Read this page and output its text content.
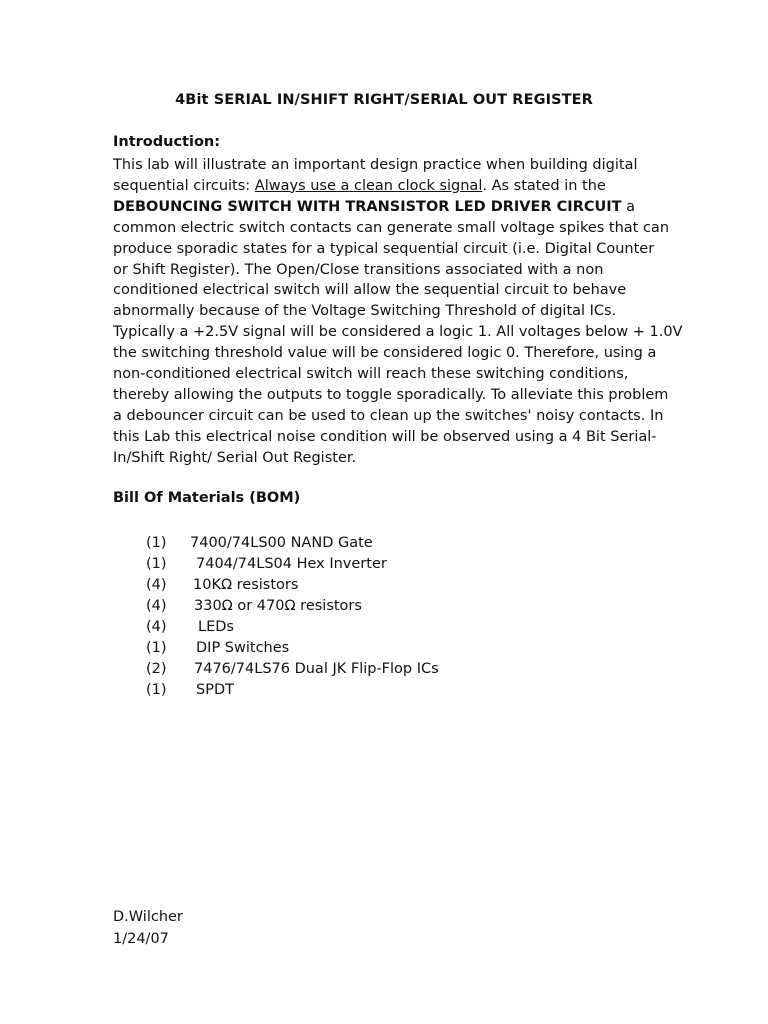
4Bit SERIAL IN/SHIFT RIGHT/SERIAL OUT REGISTER
Introduction:
This lab will illustrate an important design practice when building digital
sequential circuits: Always use a clean clock signal. As stated in the
DEBOUNCING SWITCH WITH TRANSISTOR LED DRIVER CIRCUIT a
common electric switch contacts can generate small voltage spikes that can
produce sporadic states for a typical sequential circuit (i.e. Digital Counter
or Shift Register). The Open/Close transitions associated with a non
conditioned electrical switch will allow the sequential circuit to behave
abnormally because of the Voltage Switching Threshold of digital ICs.
Typically a +2.5V signal will be considered a logic 1. All voltages below + 1.0V
the switching threshold value will be considered logic 0. Therefore, using a
non-conditioned electrical switch will reach these switching conditions,
thereby allowing the outputs to toggle sporadically. To alleviate this problem
a debouncer circuit can be used to clean up the switches' noisy contacts. In
this Lab this electrical noise condition will be observed using a 4 Bit Serial-
In/Shift Right/ Serial Out Register.
Bill Of Materials (BOM)
(1) 7400/74LS00 NAND Gate
(1) 7404/74LS04 Hex Inverter
(4) 10KΩ resistors
(4) 330Ω or 470Ω resistors
(4) LEDs
(1) DIP Switches
(2) 7476/74LS76 Dual JK Flip-Flop ICs
(1) SPDT
D.Wilcher
1/24/07
